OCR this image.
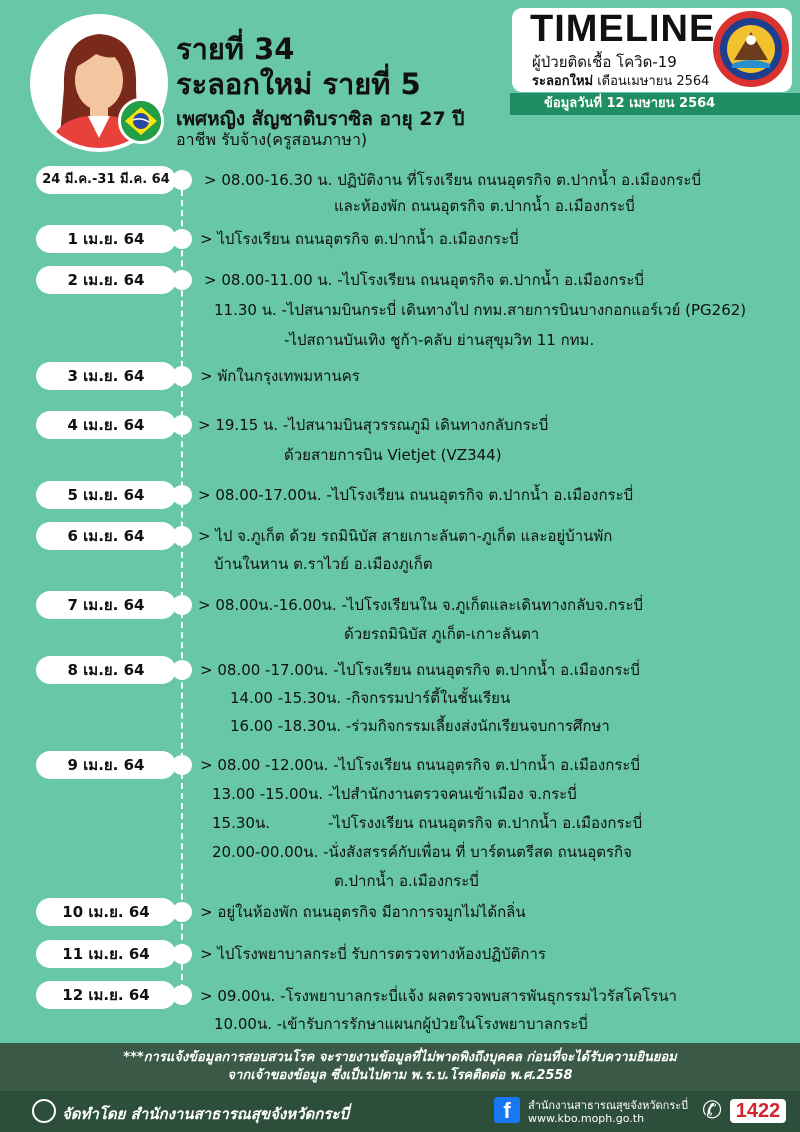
รายที่ 34
ระลอกใหม่ รายที่ 5
เพศหญิง สัญชาติบราซิล อายุ 27 ปี
อาชีพ รับจ้าง(ครูสอนภาษา)
TIMELINE
ผู้ป่วยติดเชื้อ โควิด-19
ระลอกใหม่ เดือนเมษายน 2564
ข้อมูลวันที่ 12 เมษายน 2564
24 มี.ค.-31 มี.ค. 64	> 08.00-16.30 น. ปฏิบัติงาน ที่โรงเรียน ถนนอุตรกิจ ต.ปากน้ำ อ.เมืองกระบี่
และห้องพัก ถนนอุตรกิจ ต.ปากน้ำ อ.เมืองกระบี่
1 เม.ย. 64	> ไปโรงเรียน ถนนอุตรกิจ ต.ปากน้ำ อ.เมืองกระบี่
2 เม.ย. 64	> 08.00-11.00 น. -ไปโรงเรียน ถนนอุตรกิจ ต.ปากน้ำ อ.เมืองกระบี่
11.30 น. -ไปสนามบินกระบี่ เดินทางไป กทม.สายการบินบางกอกแอร์เวย์ (PG262)
-ไปสถานบันเทิง ชูก้า-คลับ ย่านสุขุมวิท 11 กทม.
3 เม.ย. 64	> พักในกรุงเทพมหานคร
4 เม.ย. 64	> 19.15 น. -ไปสนามบินสุวรรณภูมิ เดินทางกลับกระบี่
ด้วยสายการบิน Vietjet (VZ344)
5 เม.ย. 64	> 08.00-17.00น. -ไปโรงเรียน ถนนอุตรกิจ ต.ปากน้ำ อ.เมืองกระบี่
6 เม.ย. 64	> ไป จ.ภูเก็ต ด้วย รถมินิบัส สายเกาะลันตา-ภูเก็ต และอยู่บ้านพัก
บ้านในหาน ต.ราไวย์ อ.เมืองภูเก็ต
7 เม.ย. 64	> 08.00น.-16.00น. -ไปโรงเรียนใน จ.ภูเก็ตและเดินทางกลับจ.กระบี่
ด้วยรถมินิบัส ภูเก็ต-เกาะลันตา
8 เม.ย. 64	> 08.00 -17.00น. -ไปโรงเรียน ถนนอุตรกิจ ต.ปากน้ำ อ.เมืองกระบี่
14.00 -15.30น. -กิจกรรมปาร์ตี้ในชั้นเรียน
16.00 -18.30น. -ร่วมกิจกรรมเลี้ยงส่งนักเรียนจบการศึกษา
9 เม.ย. 64	> 08.00 -12.00น. -ไปโรงเรียน ถนนอุตรกิจ ต.ปากน้ำ อ.เมืองกระบี่
13.00 -15.00น. -ไปสำนักงานตรวจคนเข้าเมือง จ.กระบี่
15.30น.	-ไปโรงงเรียน ถนนอุตรกิจ ต.ปากน้ำ อ.เมืองกระบี่
20.00-00.00น. -นั่งสังสรรค์กับเพื่อน ที่ บาร์ดนตรีสด ถนนอุตรกิจ
ต.ปากน้ำ อ.เมืองกระบี่
10 เม.ย. 64	> อยู่ในห้องพัก ถนนอุตรกิจ มีอาการจมูกไม่ได้กลิ่น
11 เม.ย. 64	> ไปโรงพยาบาลกระบี่ รับการตรวจทางห้องปฏิบัติการ
12 เม.ย. 64	> 09.00น. -โรงพยาบาลกระบี่แจ้ง ผลตรวจพบสารพันธุกรรมไวรัสโคโรนา
10.00น. -เข้ารับการรักษาแผนกผู้ป่วยในโรงพยาบาลกระบี่
***การแจ้งข้อมูลการสอบสวนโรค จะรายงานข้อมูลที่ไม่พาดพิงถึงบุคคล ก่อนที่จะได้รับความยินยอม
จากเจ้าของข้อมูล ซึ่งเป็นไปตาม พ.ร.บ.โรคติดต่อ พ.ศ.2558
จัดทำโดย สำนักงานสาธารณสุขจังหวัดกระบี่	f	สำนักงานสาธารณสุขจังหวัดกระบี่
www.kbo.moph.go.th ✆ 1422
